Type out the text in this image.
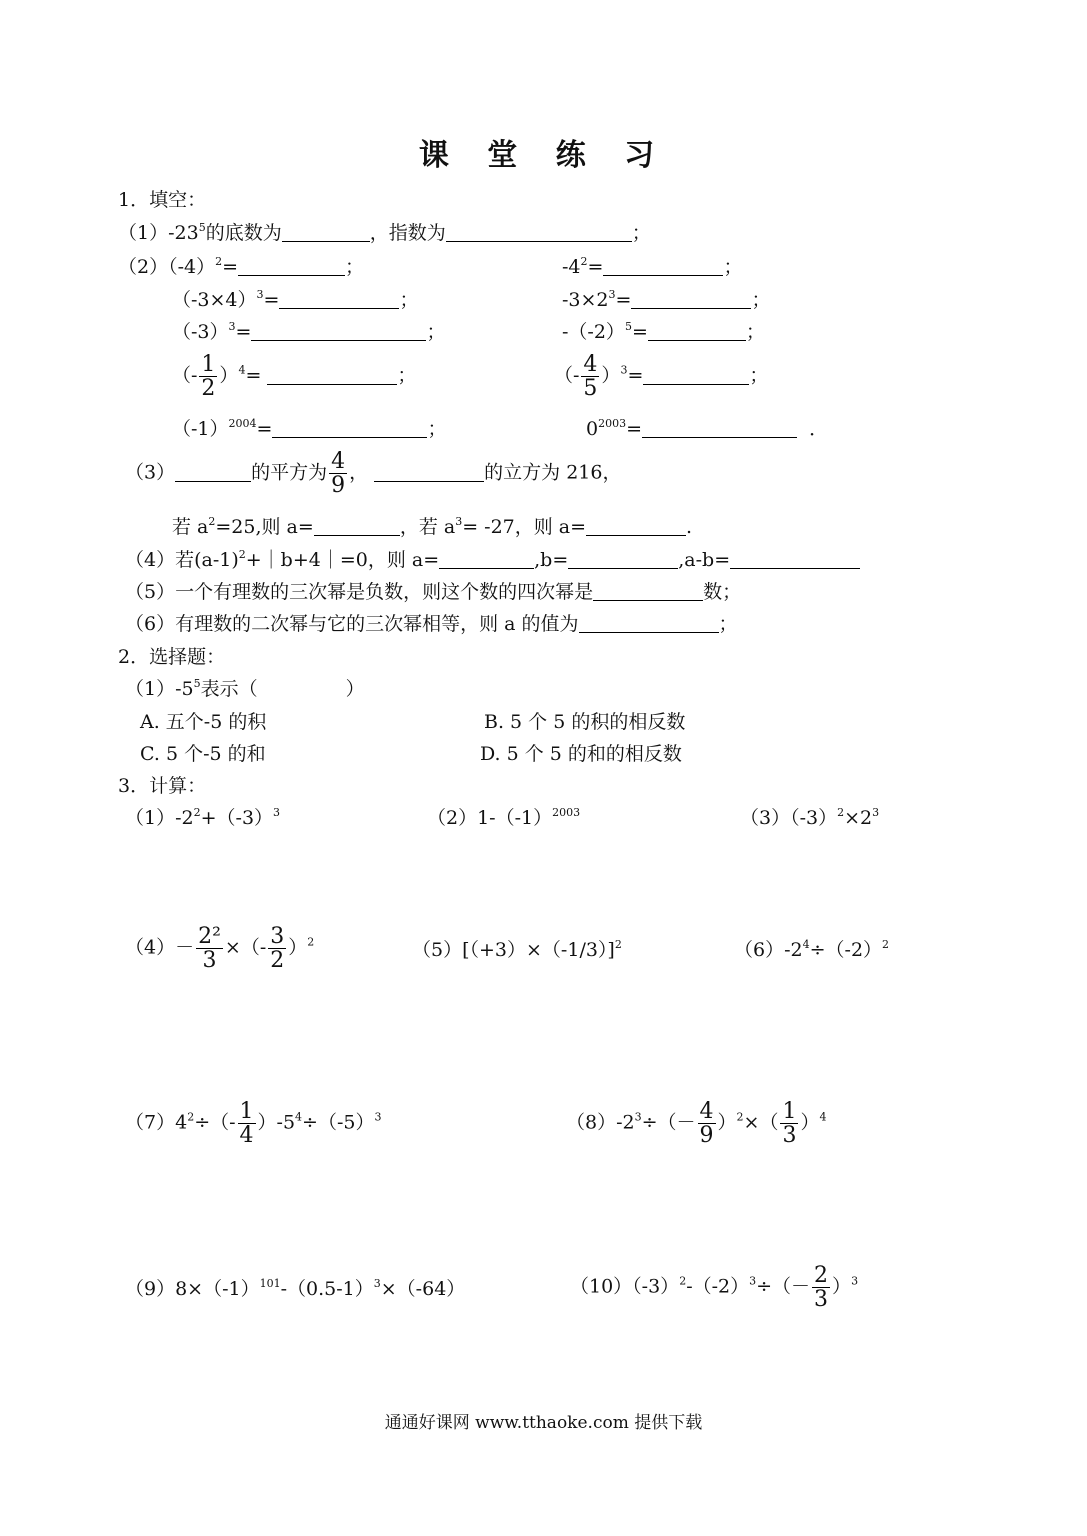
课 堂 练 习
1．填空：
$(1)-23^5$的底数为	，指数为	；
$(2)(-4)^2=$	；	$-4^2=$	；
$(-3\times 4)^3=$	；	$-3\times 2^3=$	；
$(-3)^3=$	；	$-(-2)^5=$	；
（- $\frac{1}{2} )^4=$	；	（- $\frac{4}{5} )^3=$	；
$(-1)^{2004}=$	；	$0^{2003}=$	．
（3）	的平方为 $\frac{4}{9}$ ，	的立方为 216，
若 $a^2=25$,则 a=	，若 $a^3= -27$，则 a=	.
（4）若$(a-1)^2+|b+4|=0$，则 a=	,b=	,a-b=
（5）一个有理数的三次幂是负数，则这个数的四次幂是	数；
（6）有理数的二次幂与它的三次幂相等，则 a 的值为	；
2．选择题：
$(1)-5^5$表示（	）
A. 五个-5 的积	B. 5 个 5 的积的相反数
C. 5 个-5 的和	D. 5 个 5 的和的相反数
3．计算：
$(1)-2^2+(-3)^3$	$(2)1-(-1)^{2003}$	$(3)(-3)^2\times 2^3$
$(4)- \frac{\text{2²}}{3}$ ×（- $\frac{3}{2} )^2$	$(5)[(+3)\times(-1/3)]^2$	$(6)-2^4\div(-2)^2$
$(7)4^2\div(- \frac{1}{4} )-5^4\div(-5)^3$	$(8)-2^3\div(- \frac{4}{9} )^2\times( \frac{1}{3} )^4$
$(9)8\times(-1)^{101}-(0.5-1)^3\times(-64)$	$(10)(-3)^2-(-2)^3\div(- \frac{2}{3} )^3$
通通好课网 www.tthaoke.com 提供下载
